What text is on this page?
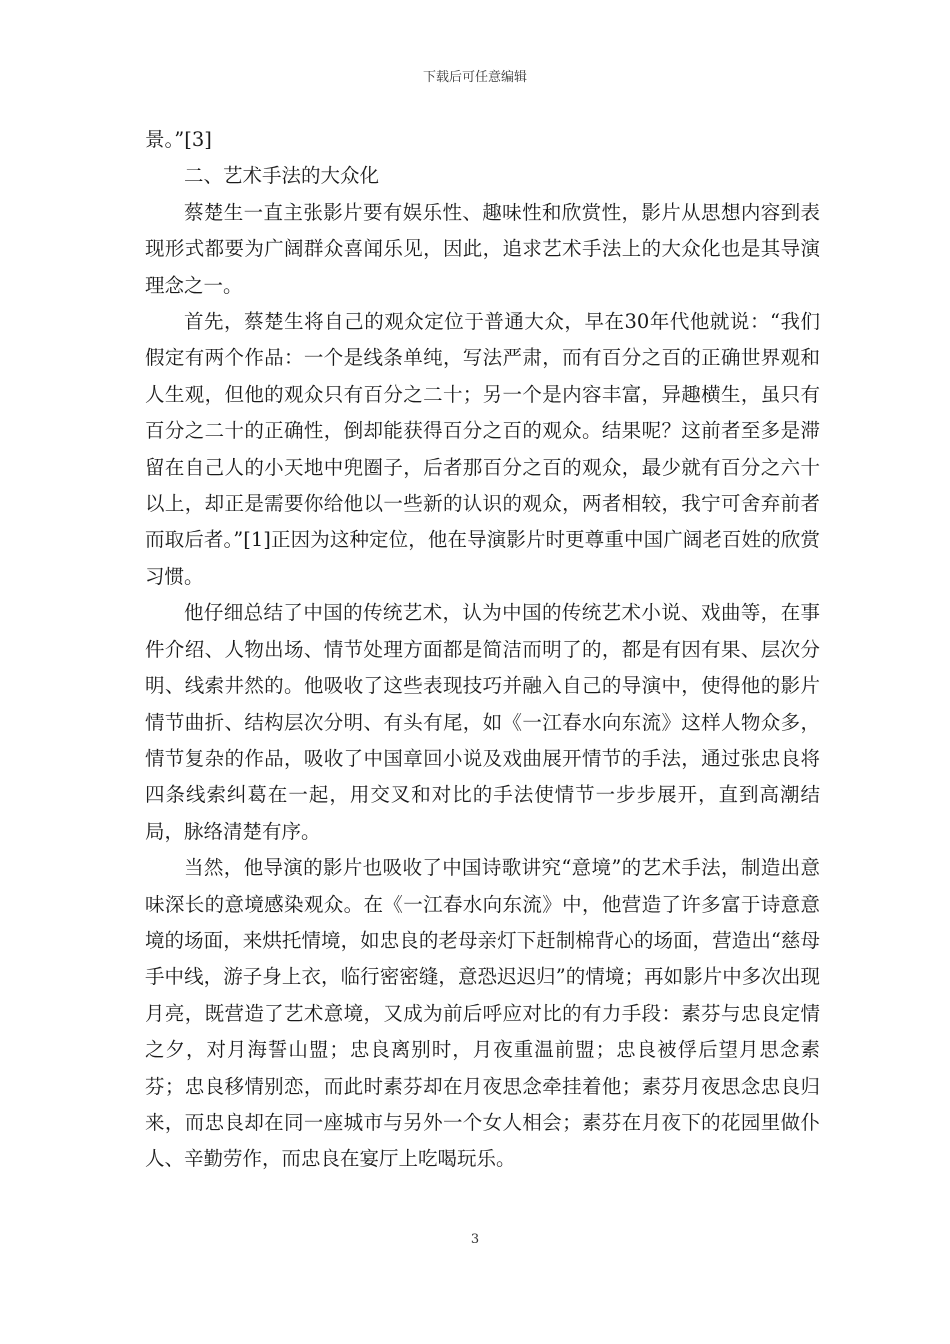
下载后可任意编辑

景。”[3]

二、艺术手法的大众化

蔡楚生一直主张影片要有娱乐性、趣味性和欣赏性，影片从思想内容到表现形式都要为广阔群众喜闻乐见，因此，追求艺术手法上的大众化也是其导演理念之一。

首先，蔡楚生将自己的观众定位于普通大众，早在30年代他就说：“我们假定有两个作品：一个是线条单纯，写法严肃，而有百分之百的正确世界观和人生观，但他的观众只有百分之二十；另一个是内容丰富，异趣横生，虽只有百分之二十的正确性，倒却能获得百分之百的观众。结果呢？这前者至多是滞留在自己人的小天地中兜圈子，后者那百分之百的观众，最少就有百分之六十以上，却正是需要你给他以一些新的认识的观众，两者相较，我宁可舍弃前者而取后者。”[1]正因为这种定位，他在导演影片时更尊重中国广阔老百姓的欣赏习惯。

他仔细总结了中国的传统艺术，认为中国的传统艺术小说、戏曲等，在事件介绍、人物出场、情节处理方面都是简洁而明了的，都是有因有果、层次分明、线索井然的。他吸收了这些表现技巧并融入自己的导演中，使得他的影片情节曲折、结构层次分明、有头有尾，如《一江春水向东流》这样人物众多，情节复杂的作品，吸收了中国章回小说及戏曲展开情节的手法，通过张忠良将四条线索纠葛在一起，用交叉和对比的手法使情节一步步展开，直到高潮结局，脉络清楚有序。

当然，他导演的影片也吸收了中国诗歌讲究“意境”的艺术手法，制造出意味深长的意境感染观众。在《一江春水向东流》中，他营造了许多富于诗意意境的场面，来烘托情境，如忠良的老母亲灯下赶制棉背心的场面，营造出“慈母手中线，游子身上衣，临行密密缝，意恐迟迟归”的情境；再如影片中多次出现月亮，既营造了艺术意境，又成为前后呼应对比的有力手段：素芬与忠良定情之夕，对月海誓山盟；忠良离别时，月夜重温前盟；忠良被俘后望月思念素芬；忠良移情别恋，而此时素芬却在月夜思念牵挂着他；素芬月夜思念忠良归来，而忠良却在同一座城市与另外一个女人相会；素芬在月夜下的花园里做仆人、辛勤劳作，而忠良在宴厅上吃喝玩乐。

3
